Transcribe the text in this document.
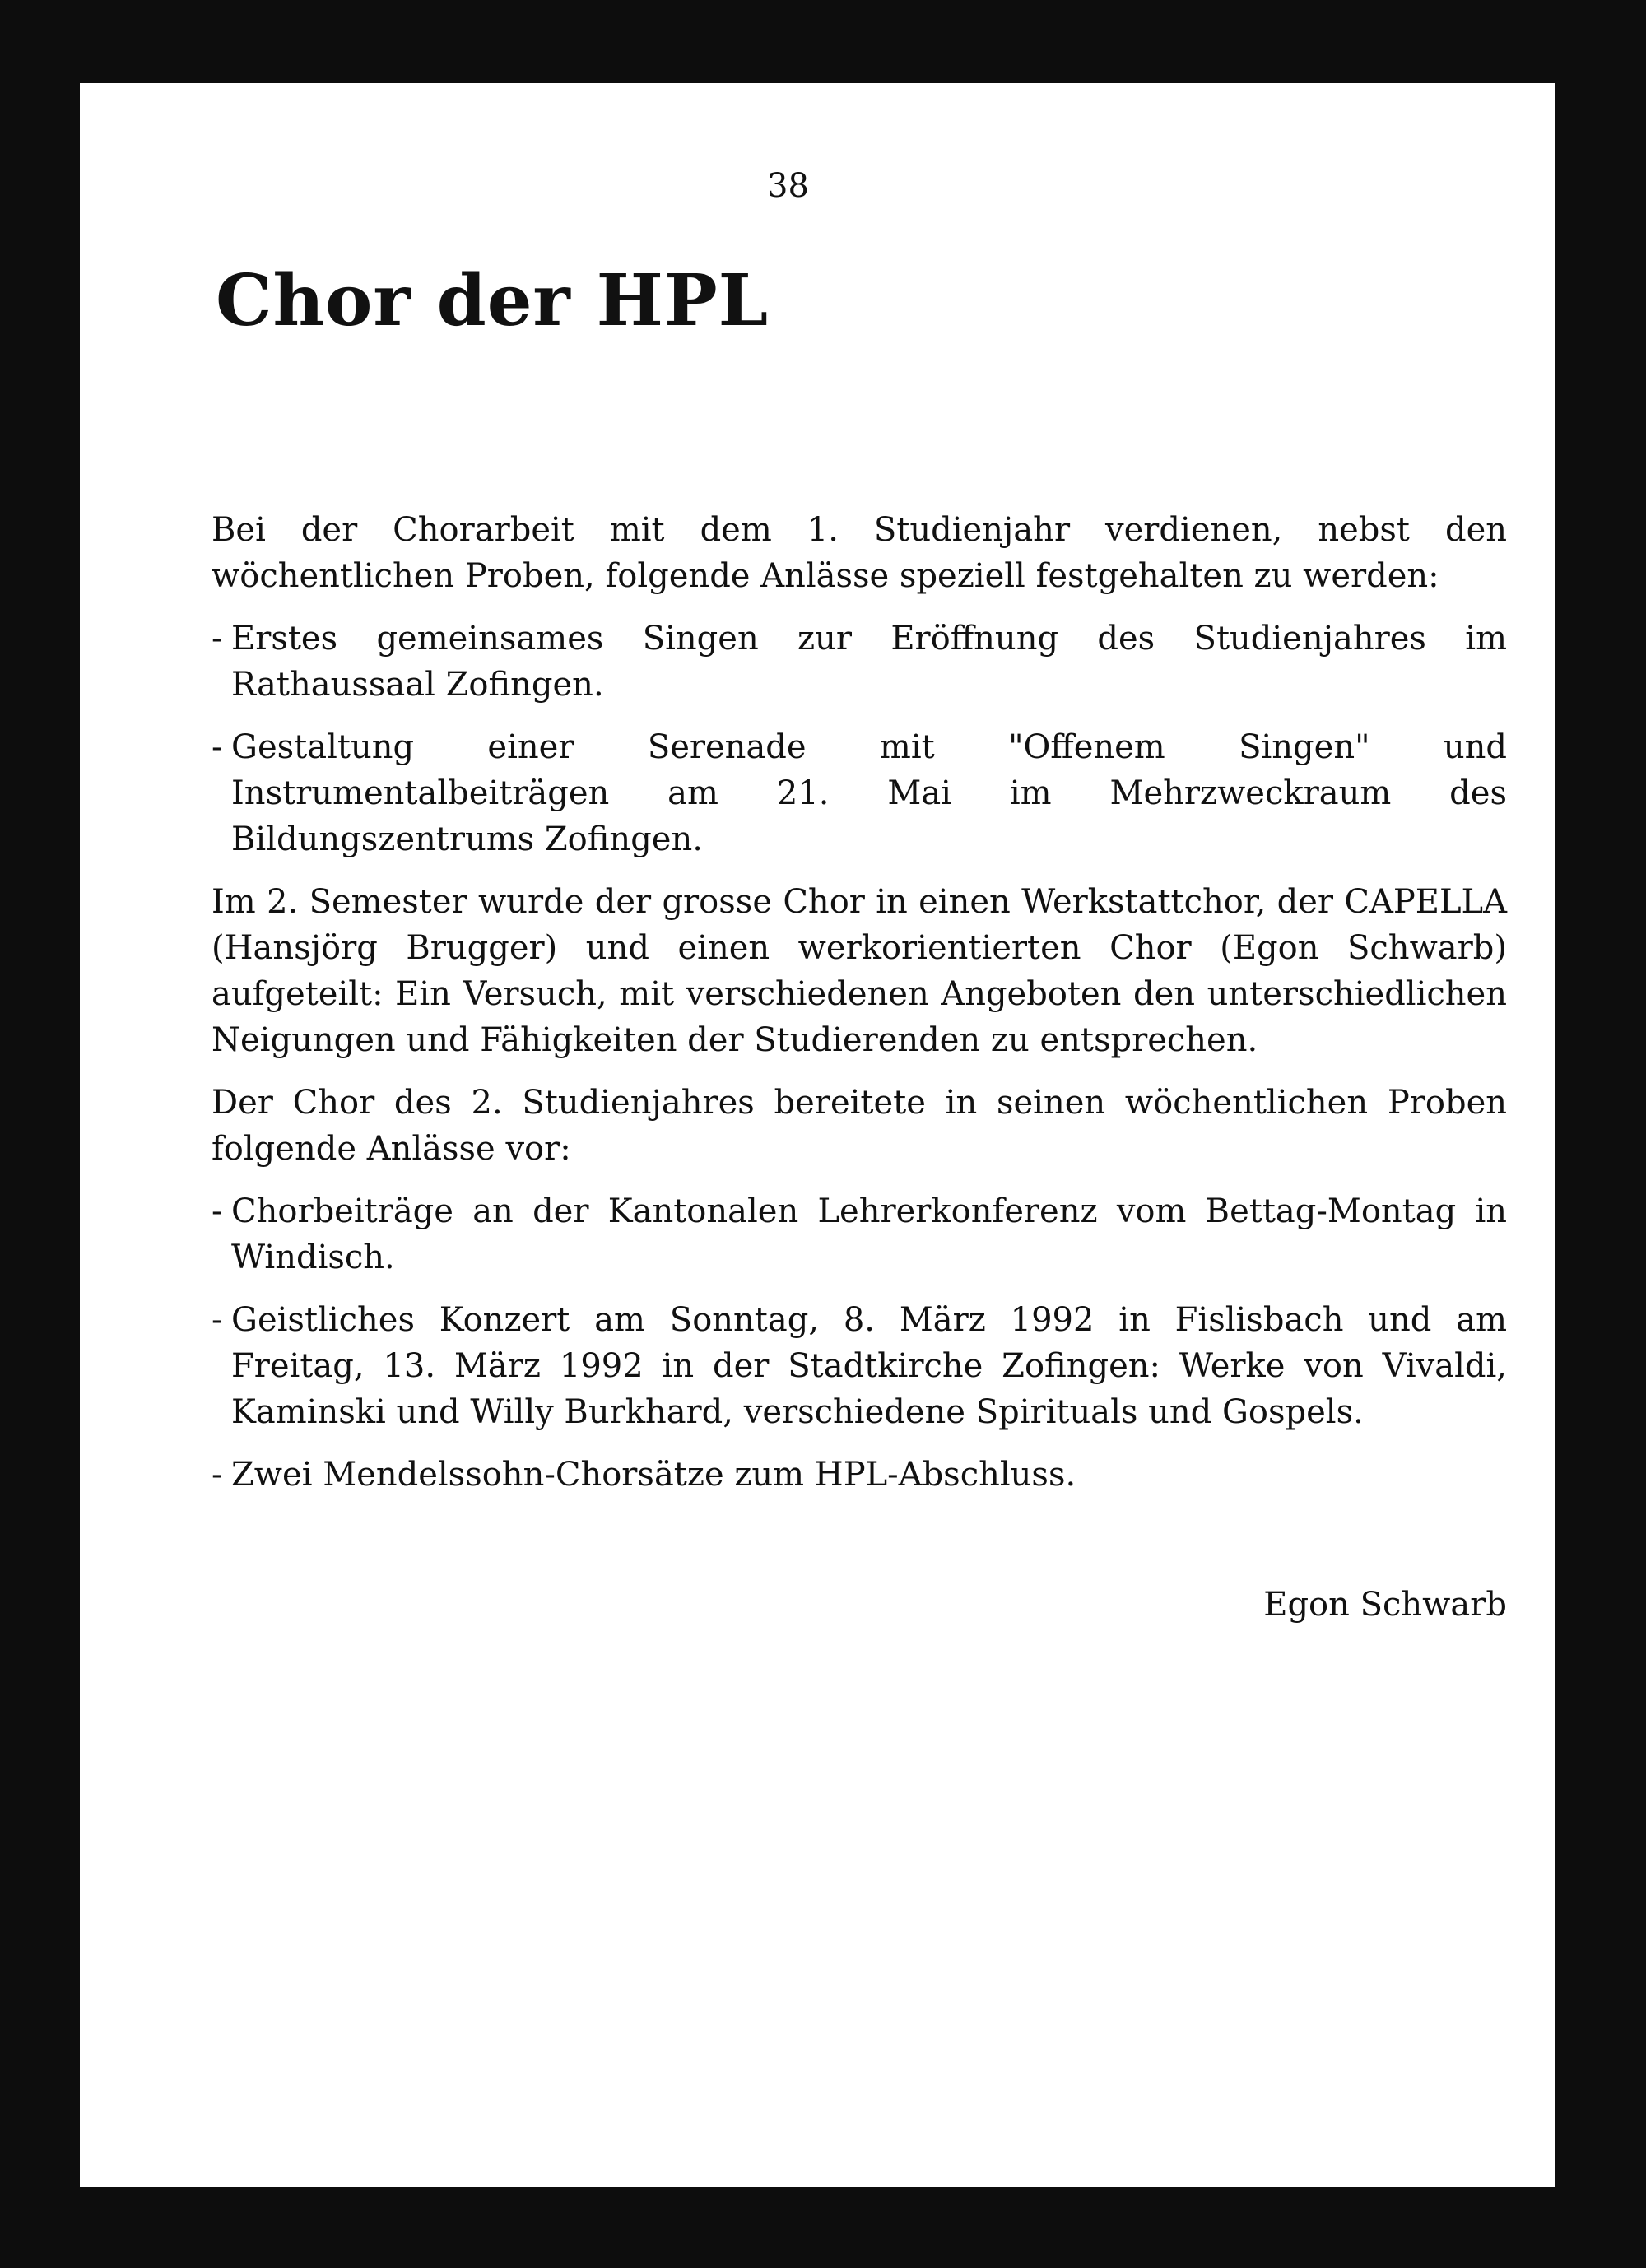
38
Chor der HPL

Bei der Chorarbeit mit dem 1. Studienjahr verdienen, nebst den wöchentlichen Proben, folgende Anlässe speziell festgehalten zu werden:

- Erstes gemeinsames Singen zur Eröffnung des Studienjahres im Rathaussaal Zofingen.
- Gestaltung einer Serenade mit "Offenem Singen" und Instrumentalbeiträgen am 21. Mai im Mehrzweckraum des Bildungszentrums Zofingen.

Im 2. Semester wurde der grosse Chor in einen Werkstattchor, der CAPELLA (Hansjörg Brugger) und einen werkorientierten Chor (Egon Schwarb) aufgeteilt: Ein Versuch, mit verschiedenen Angeboten den unterschiedlichen Neigungen und Fähigkeiten der Studierenden zu entsprechen.

Der Chor des 2. Studienjahres bereitete in seinen wöchentlichen Proben folgende Anlässe vor:

- Chorbeiträge an der Kantonalen Lehrerkonferenz vom Bettag-Montag in Windisch.
- Geistliches Konzert am Sonntag, 8. März 1992 in Fislisbach und am Freitag, 13. März 1992 in der Stadtkirche Zofingen: Werke von Vivaldi, Kaminski und Willy Burkhard, verschiedene Spirituals und Gospels.
- Zwei Mendelssohn-Chorsätze zum HPL-Abschluss.
Egon Schwarb
